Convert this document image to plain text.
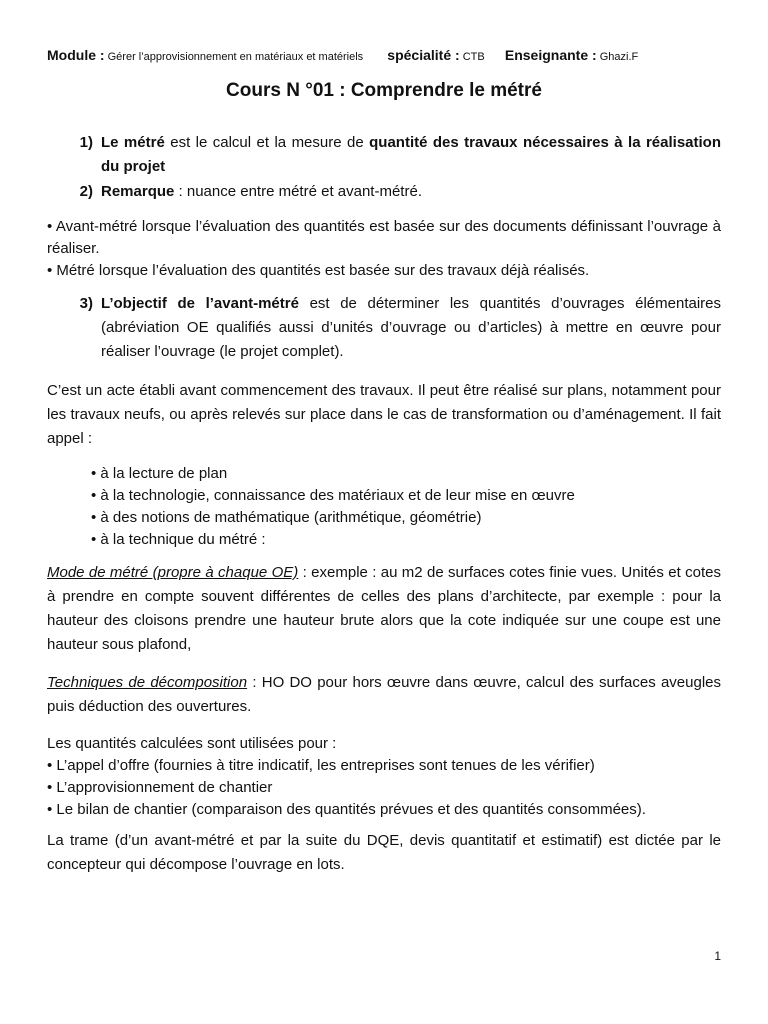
Module : Gérer l’approvisionnement en matériaux et matériels spécialité : CTB Enseignante : Ghazi.F
Cours N °01 : Comprendre le métré
1) Le métré est le calcul et la mesure de quantité des travaux nécessaires à la réalisation du projet
2) Remarque : nuance entre métré et avant-métré.
• Avant-métré lorsque l’évaluation des quantités est basée sur des documents définissant l’ouvrage à réaliser.
• Métré lorsque l’évaluation des quantités est basée sur des travaux déjà réalisés.
3) L’objectif de l’avant-métré est de déterminer les quantités d’ouvrages élémentaires (abréviation OE qualifiés aussi d’unités d’ouvrage ou d’articles) à mettre en œuvre pour réaliser l’ouvrage (le projet complet).
C’est un acte établi avant commencement des travaux. Il peut être réalisé sur plans, notamment pour les travaux neufs, ou après relevés sur place dans le cas de transformation ou d’aménagement. Il fait appel :
• à la lecture de plan
• à la technologie, connaissance des matériaux et de leur mise en œuvre
• à des notions de mathématique (arithmétique, géométrie)
• à la technique du métré :
Mode de métré (propre à chaque OE) : exemple : au m2 de surfaces cotes finie vues. Unités et cotes à prendre en compte souvent différentes de celles des plans d’architecte, par exemple : pour la hauteur des cloisons prendre une hauteur brute alors que la cote indiquée sur une coupe est une hauteur sous plafond,
Techniques de décomposition : HO DO pour hors œuvre dans œuvre, calcul des surfaces aveugles puis déduction des ouvertures.
Les quantités calculées sont utilisées pour :
• L’appel d’offre (fournies à titre indicatif, les entreprises sont tenues de les vérifier)
• L’approvisionnement de chantier
• Le bilan de chantier (comparaison des quantités prévues et des quantités consommées).
La trame (d’un avant-métré et par la suite du DQE, devis quantitatif et estimatif) est dictée par le concepteur qui décompose l’ouvrage en lots.
1
